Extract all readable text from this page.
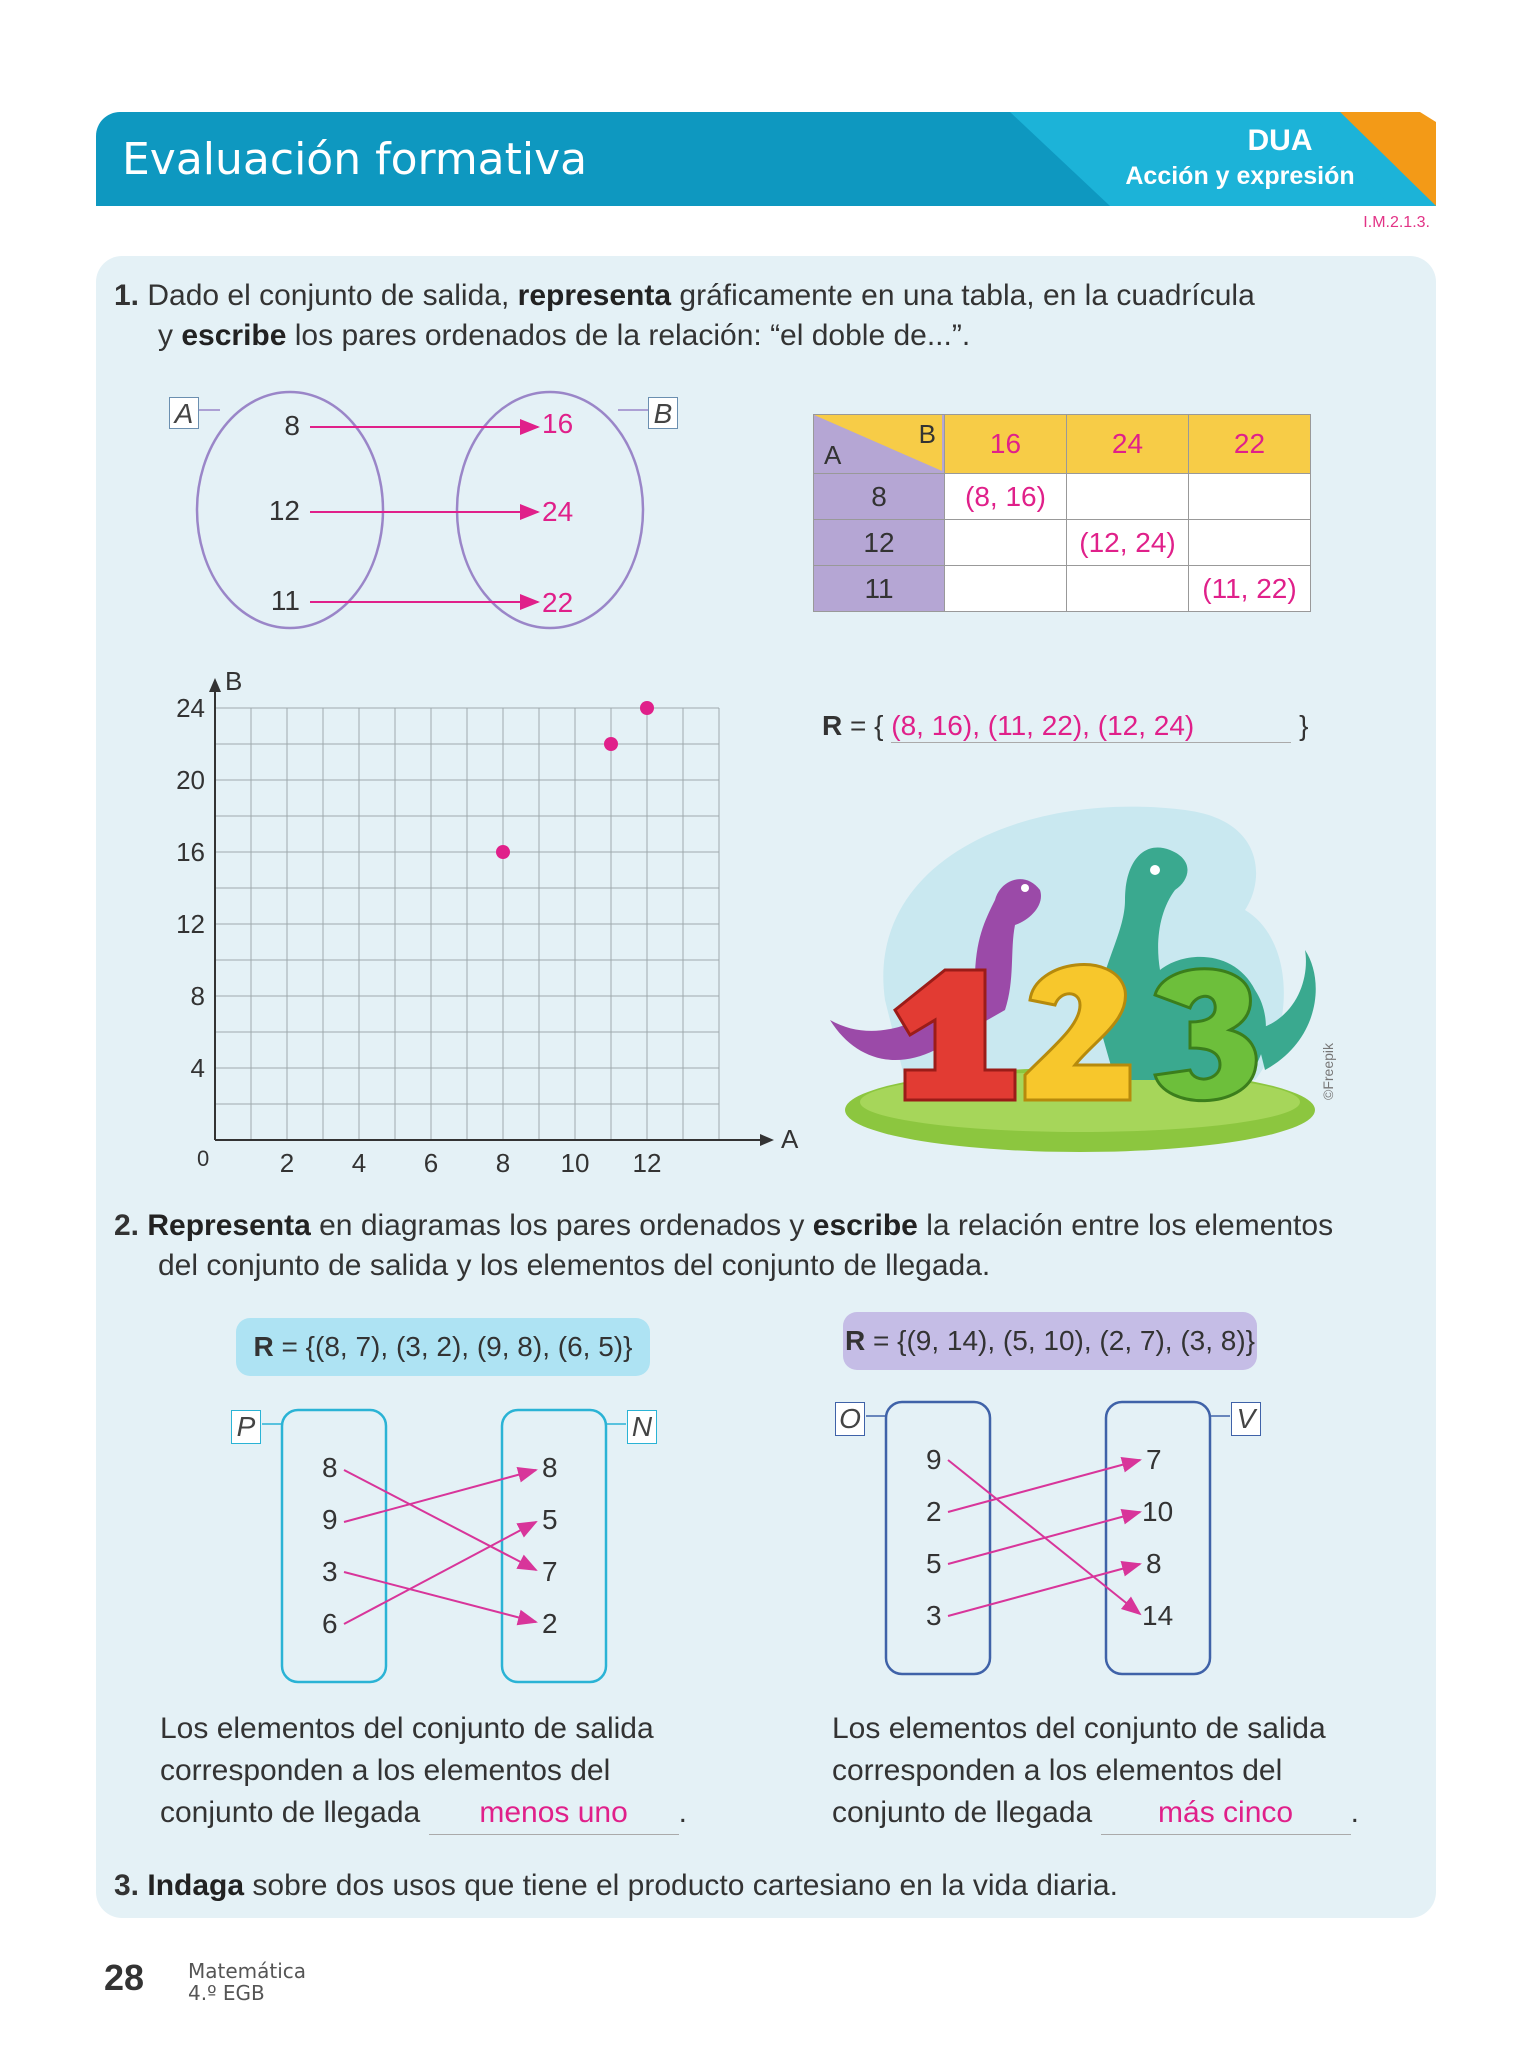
Evaluación formativa	DUA
Acción y expresión
I.M.2.1.3.
1. Dado el conjunto de salida, representa gráficamente en una tabla, en la cuadrícula
y escribe los pares ordenados de la relación: “el doble de...”.
A	B
8
12
11
16
24
22
B
A	16	24	22
8	(8, 16)		
12		(12, 24)	
11			(11, 22)
2 4 6 8 10 12
4
8
12
16
20
24
0
A
B
R = { (8, 16), (11, 22), (12, 24)	}
©Freepik
2. Representa en diagramas los pares ordenados y escribe la relación entre los elementos
del conjunto de salida y los elementos del conjunto de llegada.
R = {(8, 7), (3, 2), (9, 8), (6, 5)}	R = {(9, 14), (5, 10), (2, 7), (3, 8)}
P	N
8
9
3
6
8
5
7
2
O	V
9
2
5
3
7
10
8
14
Los elementos del conjunto de salida
corresponden a los elementos del
conjunto de llegada menos uno .
Los elementos del conjunto de salida
corresponden a los elementos del
conjunto de llegada más cinco .
3. Indaga sobre dos usos que tiene el producto cartesiano en la vida diaria.
28 Matemática
4.º EGB
